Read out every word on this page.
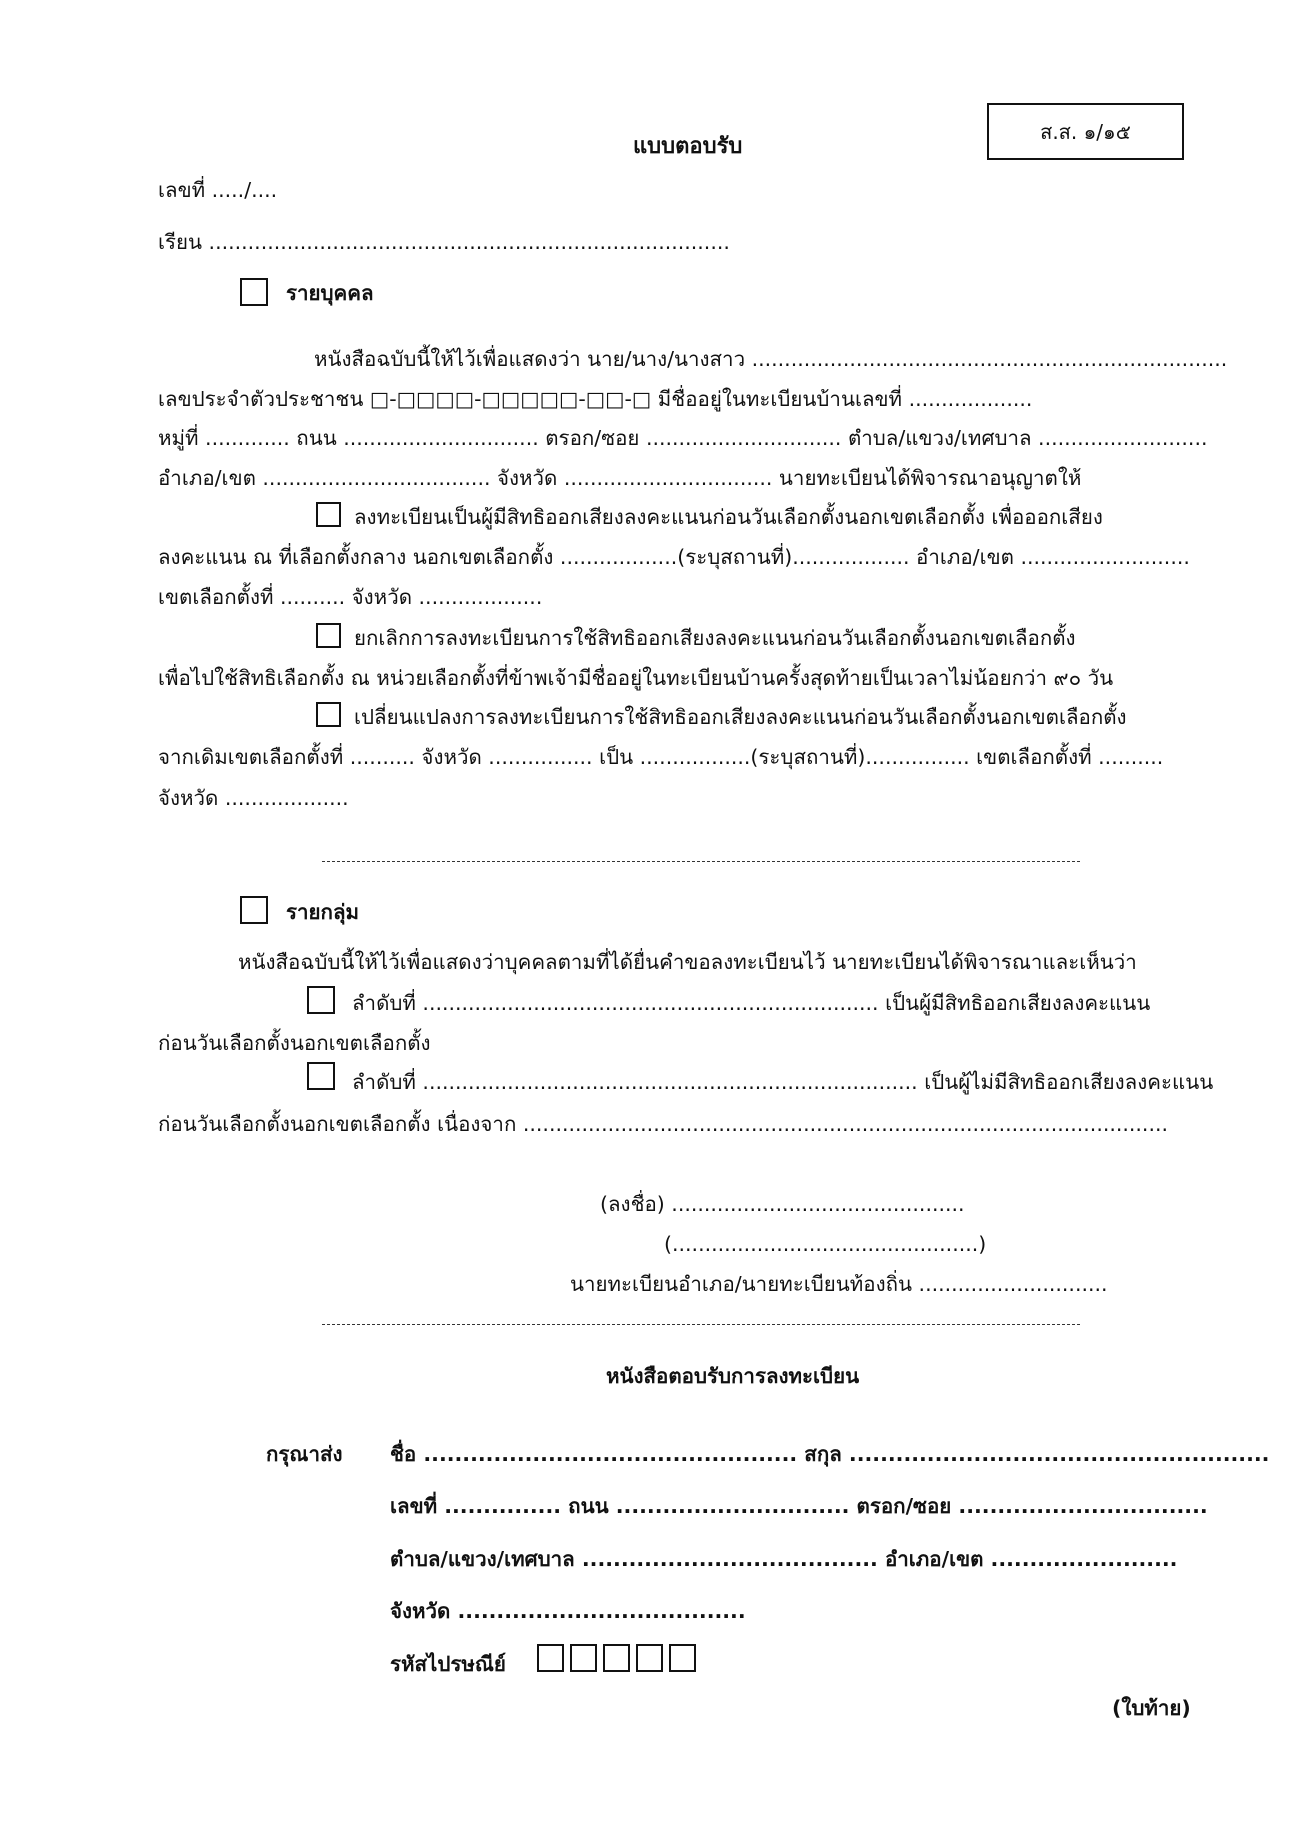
ส.ส. ๑/๑๕
แบบตอบรับ
เลขที่ ...../....
เรียน ................................................................................
รายบุคคล
หนังสือฉบับนี้ให้ไว้เพื่อแสดงว่า นาย/นาง/นางสาว .........................................................................
เลขประจำตัวประชาชน □-□□□□-□□□□□-□□-□ มีชื่ออยู่ในทะเบียนบ้านเลขที่ ...................
หมู่ที่ ............. ถนน .............................. ตรอก/ซอย .............................. ตำบล/แขวง/เทศบาล ..........................
อำเภอ/เขต ................................... จังหวัด ................................ นายทะเบียนได้พิจารณาอนุญาตให้
ลงทะเบียนเป็นผู้มีสิทธิออกเสียงลงคะแนนก่อนวันเลือกตั้งนอกเขตเลือกตั้ง เพื่อออกเสียง
ลงคะแนน ณ ที่เลือกตั้งกลาง นอกเขตเลือกตั้ง ..................(ระบุสถานที่).................. อำเภอ/เขต ..........................
เขตเลือกตั้งที่ .......... จังหวัด ...................
ยกเลิกการลงทะเบียนการใช้สิทธิออกเสียงลงคะแนนก่อนวันเลือกตั้งนอกเขตเลือกตั้ง
เพื่อไปใช้สิทธิเลือกตั้ง ณ หน่วยเลือกตั้งที่ข้าพเจ้ามีชื่ออยู่ในทะเบียนบ้านครั้งสุดท้ายเป็นเวลาไม่น้อยกว่า ๙๐ วัน
เปลี่ยนแปลงการลงทะเบียนการใช้สิทธิออกเสียงลงคะแนนก่อนวันเลือกตั้งนอกเขตเลือกตั้ง
จากเดิมเขตเลือกตั้งที่ .......... จังหวัด ................ เป็น .................(ระบุสถานที่)................ เขตเลือกตั้งที่ ..........
จังหวัด ...................
รายกลุ่ม
หนังสือฉบับนี้ให้ไว้เพื่อแสดงว่าบุคคลตามที่ได้ยื่นคำขอลงทะเบียนไว้ นายทะเบียนได้พิจารณาและเห็นว่า
ลำดับที่ ...................................................................... เป็นผู้มีสิทธิออกเสียงลงคะแนน
ก่อนวันเลือกตั้งนอกเขตเลือกตั้ง
ลำดับที่ ............................................................................ เป็นผู้ไม่มีสิทธิออกเสียงลงคะแนน
ก่อนวันเลือกตั้งนอกเขตเลือกตั้ง เนื่องจาก ...................................................................................................
(ลงชื่อ) .............................................
(...............................................)
นายทะเบียนอำเภอ/นายทะเบียนท้องถิ่น .............................
หนังสือตอบรับการลงทะเบียน
กรุณาส่ง ชื่อ ................................................ สกุล ......................................................
เลขที่ ............... ถนน .............................. ตรอก/ซอย ................................
ตำบล/แขวง/เทศบาล ...................................... อำเภอ/เขต ........................
จังหวัด .....................................
รหัสไปรษณีย์
(ใบท้าย)
